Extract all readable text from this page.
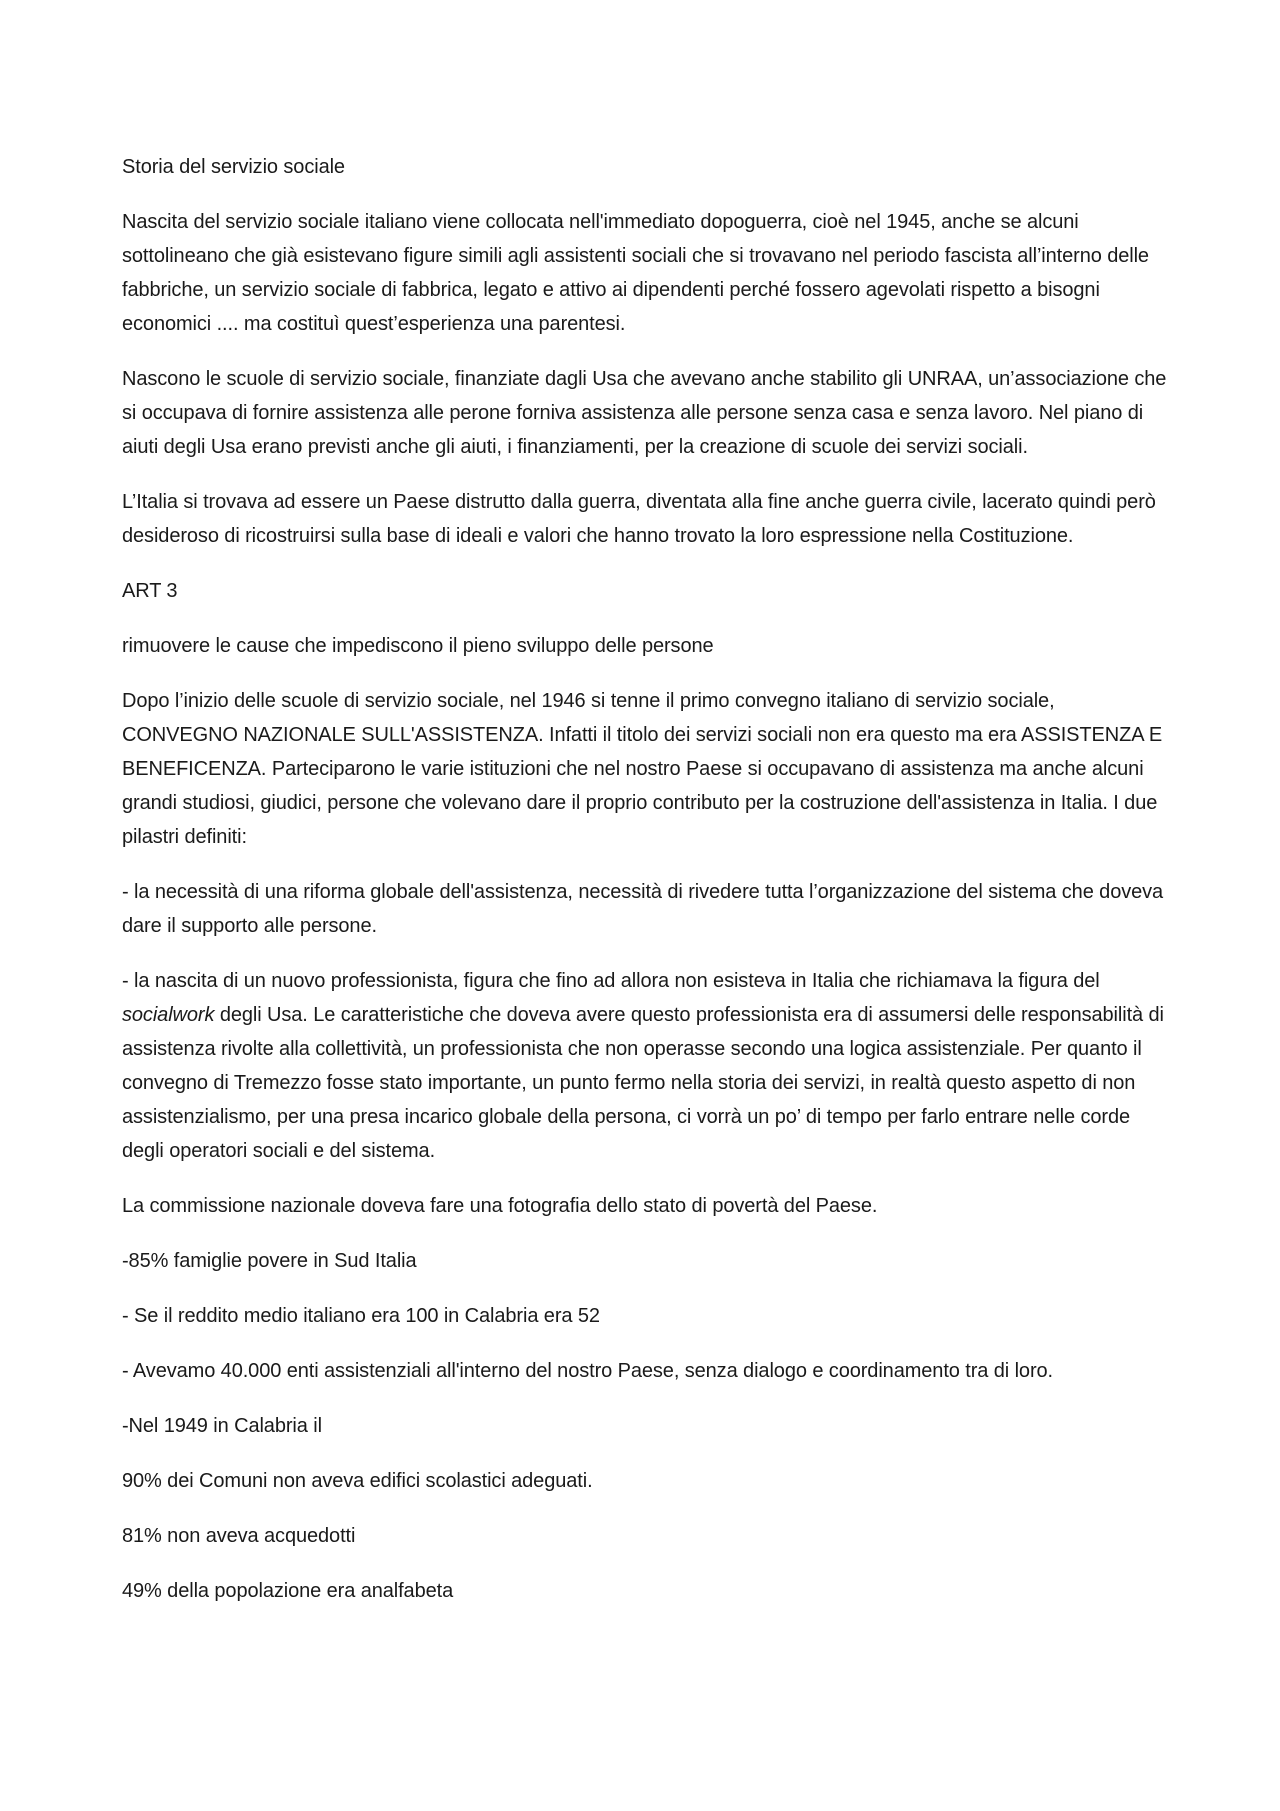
Storia del servizio sociale

Nascita del servizio sociale italiano viene collocata nell'immediato dopoguerra, cioè nel 1945, anche se alcuni sottolineano che già esistevano figure simili agli assistenti sociali che si trovavano nel periodo fascista all’interno delle fabbriche, un servizio sociale di fabbrica, legato e attivo ai dipendenti perché fossero agevolati rispetto a bisogni economici .... ma costituì quest’esperienza una parentesi.

Nascono le scuole di servizio sociale, finanziate dagli Usa che avevano anche stabilito gli UNRAA, un’associazione che si occupava di fornire assistenza alle perone forniva assistenza alle persone senza casa e senza lavoro. Nel piano di aiuti degli Usa erano previsti anche gli aiuti, i finanziamenti, per la creazione di scuole dei servizi sociali.

L’Italia si trovava ad essere un Paese distrutto dalla guerra, diventata alla fine anche guerra civile, lacerato quindi però desideroso di ricostruirsi sulla base di ideali e valori che hanno trovato la loro espressione nella Costituzione.

ART 3

rimuovere le cause che impediscono il pieno sviluppo delle persone

Dopo l’inizio delle scuole di servizio sociale, nel 1946 si tenne il primo convegno italiano di servizio sociale, CONVEGNO NAZIONALE SULL'ASSISTENZA. Infatti il titolo dei servizi sociali non era questo ma era ASSISTENZA E BENEFICENZA. Parteciparono le varie istituzioni che nel nostro Paese si occupavano di assistenza ma anche alcuni grandi studiosi, giudici, persone che volevano dare il proprio contributo per la costruzione dell'assistenza in Italia. I due pilastri definiti:

- la necessità di una riforma globale dell'assistenza, necessità di rivedere tutta l’organizzazione del sistema che doveva dare il supporto alle persone.

- la nascita di un nuovo professionista, figura che fino ad allora non esisteva in Italia che richiamava la figura del socialwork degli Usa. Le caratteristiche che doveva avere questo professionista era di assumersi delle responsabilità di assistenza rivolte alla collettività, un professionista che non operasse secondo una logica assistenziale. Per quanto il convegno di Tremezzo fosse stato importante, un punto fermo nella storia dei servizi, in realtà questo aspetto di non assistenzialismo, per una presa incarico globale della persona, ci vorrà un po’ di tempo per farlo entrare nelle corde degli operatori sociali e del sistema.

La commissione nazionale doveva fare una fotografia dello stato di povertà del Paese.

-85% famiglie povere in Sud Italia

- Se il reddito medio italiano era 100 in Calabria era 52

- Avevamo 40.000 enti assistenziali all'interno del nostro Paese, senza dialogo e coordinamento tra di loro.

-Nel 1949 in Calabria il

90% dei Comuni non aveva edifici scolastici adeguati.

81% non aveva acquedotti

49% della popolazione era analfabeta
